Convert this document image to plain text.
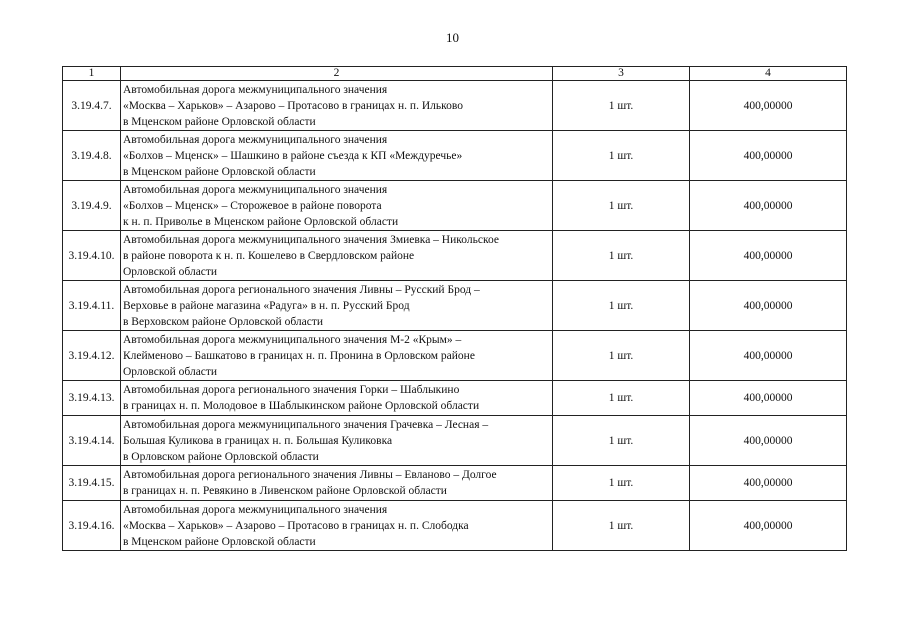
10
1	2	3	4
3.19.4.7.	Автомобильная дорога межмуниципального значения
«Москва – Харьков» – Азарово – Протасово в границах н. п. Ильково
в Мценском районе Орловской области	1 шт.	400,00000
3.19.4.8.	Автомобильная дорога межмуниципального значения
«Болхов – Мценск» – Шашкино в районе съезда к КП «Междуречье»
в Мценском районе Орловской области	1 шт.	400,00000
3.19.4.9.	Автомобильная дорога межмуниципального значения
«Болхов – Мценск» – Сторожевое в районе поворота
к н. п. Приволье в Мценском районе Орловской области	1 шт.	400,00000
3.19.4.10.	Автомобильная дорога межмуниципального значения Змиевка – Никольское
в районе поворота к н. п. Кошелево в Свердловском районе
Орловской области	1 шт.	400,00000
3.19.4.11.	Автомобильная дорога регионального значения Ливны – Русский Брод –
Верховье в районе магазина «Радуга» в н. п. Русский Брод
в Верховском районе Орловской области	1 шт.	400,00000
3.19.4.12.	Автомобильная дорога межмуниципального значения М-2 «Крым» –
Клейменово – Башкатово в границах н. п. Пронина в Орловском районе
Орловской области	1 шт.	400,00000
3.19.4.13.	Автомобильная дорога регионального значения Горки – Шаблыкино
в границах н. п. Молодовое в Шаблыкинском районе Орловской области	1 шт.	400,00000
3.19.4.14.	Автомобильная дорога межмуниципального значения Грачевка – Лесная –
Большая Куликова в границах н. п. Большая Куликовка
в Орловском районе Орловской области	1 шт.	400,00000
3.19.4.15.	Автомобильная дорога регионального значения Ливны – Евланово – Долгое
в границах н. п. Ревякино в Ливенском районе Орловской области	1 шт.	400,00000
3.19.4.16.	Автомобильная дорога межмуниципального значения
«Москва – Харьков» – Азарово – Протасово в границах н. п. Слободка
в Мценском районе Орловской области	1 шт.	400,00000
